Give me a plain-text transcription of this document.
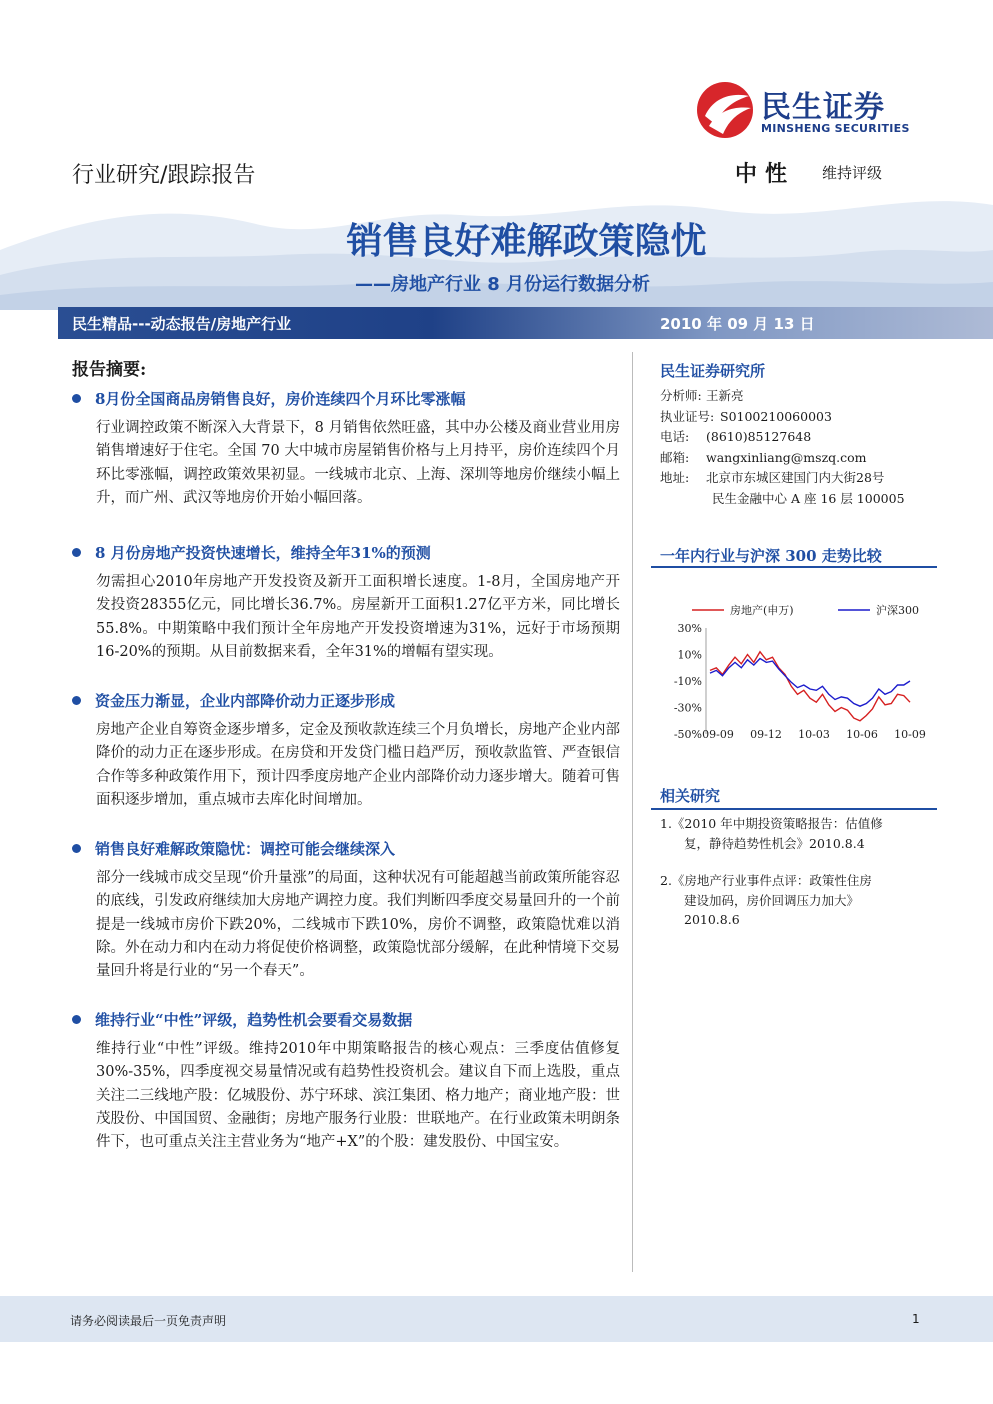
民生证券
MINSHENG SECURITIES
行业研究/跟踪报告	中性 维持评级
销售良好难解政策隐忧
——房地产行业 8 月份运行数据分析
民生精品---动态报告/房地产行业	2010 年 09 月 13 日
报告摘要:
8月份全国商品房销售良好，房价连续四个月环比零涨幅
行业调控政策不断深入大背景下，8 月销售依然旺盛，其中办公楼及商业营业用房销售增速好于住宅。全国 70 大中城市房屋销售价格与上月持平，房价连续四个月环比零涨幅，调控政策效果初显。一线城市北京、上海、深圳等地房价继续小幅上升，而广州、武汉等地房价开始小幅回落。
8 月份房地产投资快速增长，维持全年31%的预测
勿需担心2010年房地产开发投资及新开工面积增长速度。1-8月，全国房地产开发投资28355亿元，同比增长36.7%。房屋新开工面积1.27亿平方米，同比增长55.8%。中期策略中我们预计全年房地产开发投资增速为31%，远好于市场预期16-20%的预期。从目前数据来看，全年31%的增幅有望实现。
资金压力渐显，企业内部降价动力正逐步形成
房地产企业自筹资金逐步增多，定金及预收款连续三个月负增长，房地产企业内部降价的动力正在逐步形成。在房贷和开发贷门槛日趋严厉，预收款监管、严查银信合作等多种政策作用下，预计四季度房地产企业内部降价动力逐步增大。随着可售面积逐步增加，重点城市去库化时间增加。
销售良好难解政策隐忧：调控可能会继续深入
部分一线城市成交呈现“价升量涨”的局面，这种状况有可能超越当前政策所能容忍的底线，引发政府继续加大房地产调控力度。我们判断四季度交易量回升的一个前提是一线城市房价下跌20%，二线城市下跌10%，房价不调整，政策隐忧难以消除。外在动力和内在动力将促使价格调整，政策隐忧部分缓解，在此种情境下交易量回升将是行业的“另一个春天”。
维持行业“中性”评级，趋势性机会要看交易数据
维持行业“中性”评级。维持2010年中期策略报告的核心观点：三季度估值修复30%-35%，四季度视交易量情况或有趋势性投资机会。建议自下而上选股，重点关注二三线地产股：亿城股份、苏宁环球、滨江集团、格力地产；商业地产股：世茂股份、中国国贸、金融街；房地产服务行业股：世联地产。在行业政策未明朗条件下，也可重点关注主营业务为“地产+X”的个股：建发股份、中国宝安。
民生证券研究所
分析师: 王新亮
执业证号: S0100210060003
电话:	(8610)85127648
邮箱:	wangxinliang@mszq.com
地址:	北京市东城区建国门内大街28号
民生金融中心 A 座 16 层 100005
一年内行业与沪深 300 走势比较
30%
10%
-10%
-30%
-50% 09-09 09-12 10-03 10-06 10-09
房地产(申万)	沪深300
相关研究
1.《2010 年中期投资策略报告：估值修
复，静待趋势性机会》2010.8.4
2.《房地产行业事件点评：政策性住房
建设加码，房价回调压力加大》
2010.8.6
请务必阅读最后一页免责声明	1
